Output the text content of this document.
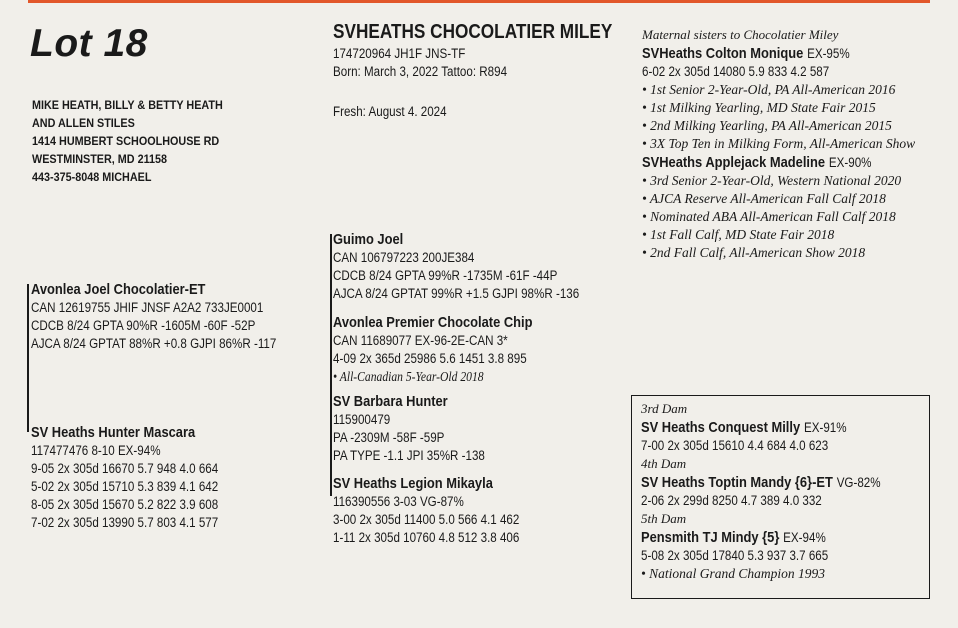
Lot 18
MIKE HEATH, BILLY & BETTY HEATH
AND ALLEN STILES
1414 HUMBERT SCHOOLHOUSE RD
WESTMINSTER, MD 21158
443-375-8048 MICHAEL
SVHEATHS CHOCOLATIER MILEY
174720964 JH1F JNS-TF
Born: March 3, 2022 Tattoo: R894
Fresh: August 4. 2024
Avonlea Joel Chocolatier-ET
CAN 12619755 JHIF JNSF A2A2 733JE0001
CDCB 8/24 GPTA 90%R -1605M -60F -52P
AJCA 8/24 GPTAT 88%R +0.8 GJPI 86%R -117
SV Heaths Hunter Mascara
117477476 8-10 EX-94%
9-05 2x 305d 16670 5.7 948 4.0 664
5-02 2x 305d 15710 5.3 839 4.1 642
8-05 2x 305d 15670 5.2 822 3.9 608
7-02 2x 305d 13990 5.7 803 4.1 577
Guimo Joel
CAN 106797223 200JE384
CDCB 8/24 GPTA 99%R -1735M -61F -44P
AJCA 8/24 GPTAT 99%R +1.5 GJPI 98%R -136
Avonlea Premier Chocolate Chip
CAN 11689077 EX-96-2E-CAN 3*
4-09 2x 365d 25986 5.6 1451 3.8 895
• All-Canadian 5-Year-Old 2018
SV Barbara Hunter
115900479
PA -2309M -58F -59P
PA TYPE -1.1 JPI 35%R -138
SV Heaths Legion Mikayla
116390556 3-03 VG-87%
3-00 2x 305d 11400 5.0 566 4.1 462
1-11 2x 305d 10760 4.8 512 3.8 406
Maternal sisters to Chocolatier Miley
SVHeaths Colton Monique EX-95%
6-02 2x 305d 14080 5.9 833 4.2 587
• 1st Senior 2-Year-Old, PA All-American 2016
• 1st Milking Yearling, MD State Fair 2015
• 2nd Milking Yearling, PA All-American 2015
• 3X Top Ten in Milking Form, All-American Show
SVHeaths Applejack Madeline EX-90%
• 3rd Senior 2-Year-Old, Western National 2020
• AJCA Reserve All-American Fall Calf 2018
• Nominated ABA All-American Fall Calf 2018
• 1st Fall Calf, MD State Fair 2018
• 2nd Fall Calf, All-American Show 2018
3rd Dam
SV Heaths Conquest Milly EX-91%
7-00 2x 305d 15610 4.4 684 4.0 623
4th Dam
SV Heaths Toptin Mandy {6}-ET VG-82%
2-06 2x 299d 8250 4.7 389 4.0 332
5th Dam
Pensmith TJ Mindy {5} EX-94%
5-08 2x 305d 17840 5.3 937 3.7 665
• National Grand Champion 1993
